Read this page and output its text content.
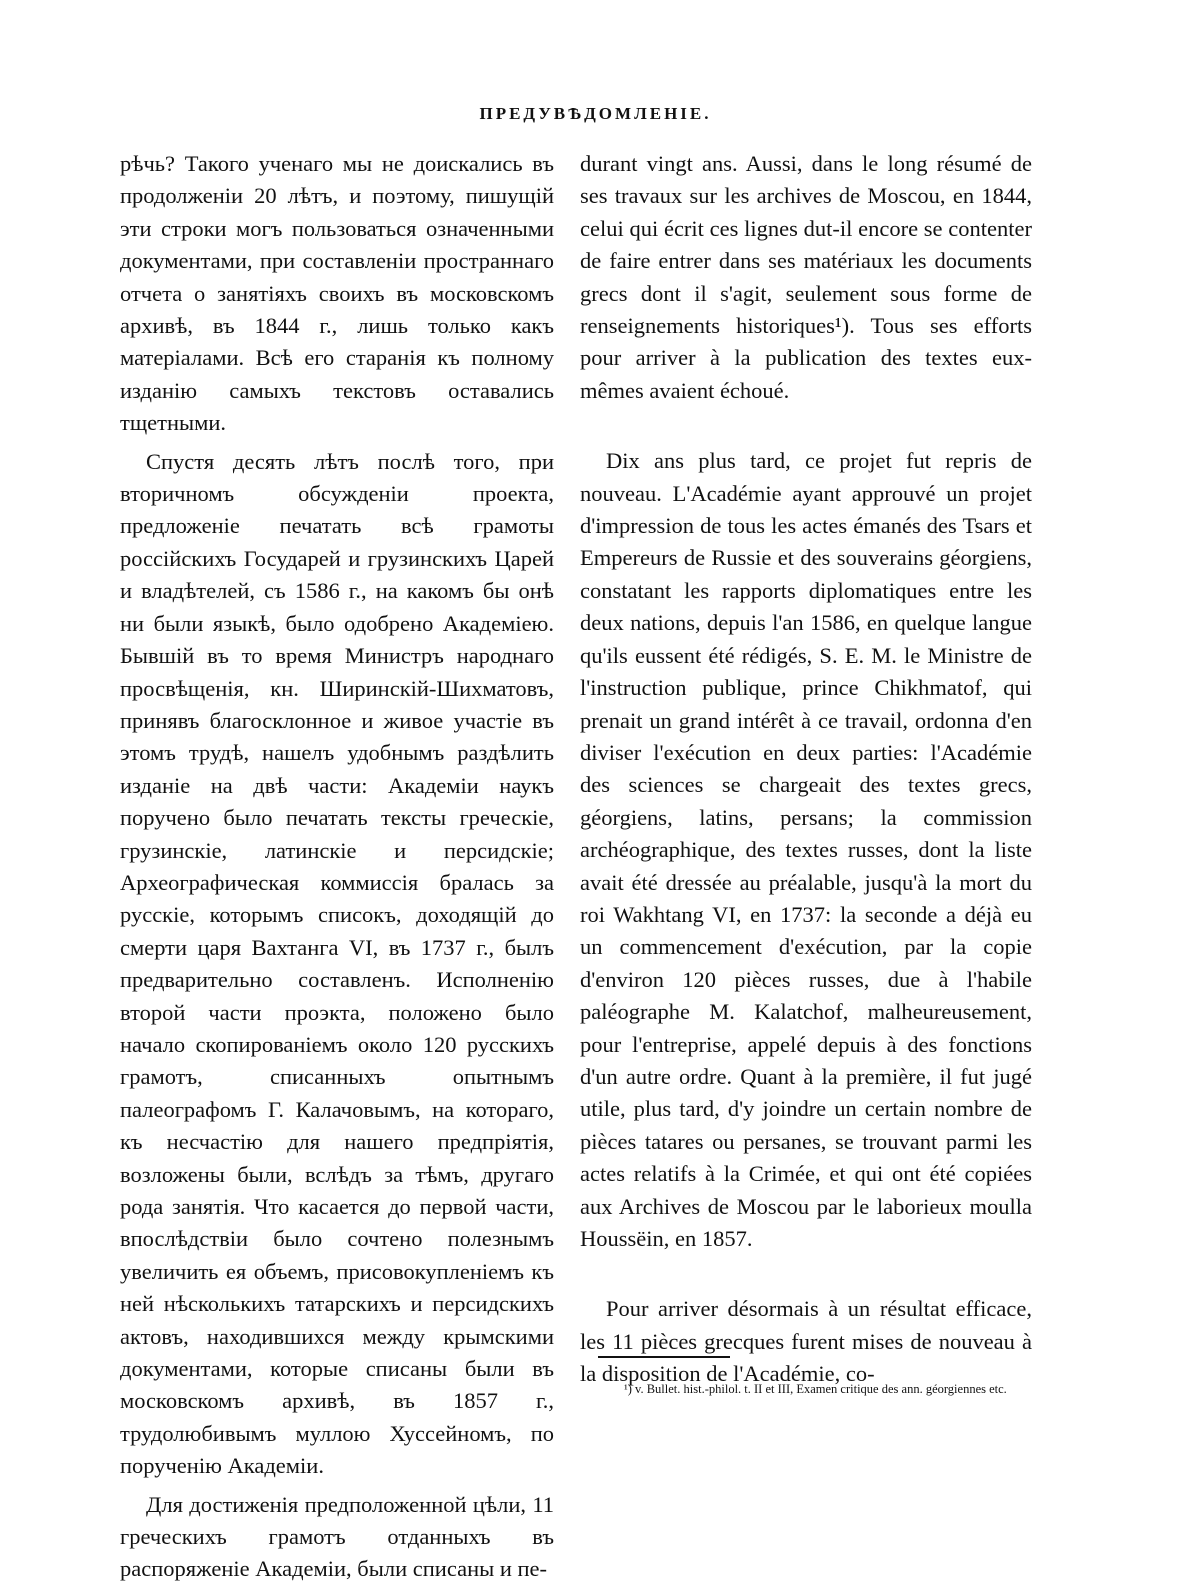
ПРЕДУВѢДОМЛЕНІЕ.

рѣчь? Такого ученаго мы не доискались въ продолженіи 20 лѣтъ, и поэтому, пишущій эти строки могъ пользоваться означенными документами, при составленіи пространнаго отчета о занятіяхъ своихъ въ московскомъ архивѣ, въ 1844 г., лишь только какъ матеріалами. Всѣ его старанія къ полному изданію самыхъ текстовъ оставались тщетными.

Спустя десять лѣтъ послѣ того, при вторичномъ обсужденіи проекта, предложеніе печатать всѣ грамоты россійскихъ Государей и грузинскихъ Царей и владѣтелей, съ 1586 г., на какомъ бы онѣ ни были языкѣ, было одобрено Академіею. Бывшій въ то время Министръ народнаго просвѣщенія, кн. Ширинскій-Шихматовъ, принявъ благосклонное и живое участіе въ этомъ трудѣ, нашелъ удобнымъ раздѣлить изданіе на двѣ части: Академіи наукъ поручено было печатать тексты греческіе, грузинскіе, латинскіе и персидскіе; Археографическая коммиссія бралась за русскіе, которымъ списокъ, доходящій до смерти царя Вахтанга VI, въ 1737 г., былъ предварительно составленъ. Исполненію второй части проэкта, положено было начало скопированіемъ около 120 русскихъ грамотъ, списанныхъ опытнымъ палеографомъ Г. Калачовымъ, на котораго, къ несчастію для нашего предпріятія, возложены были, вслѣдъ за тѣмъ, другаго рода занятія. Что касается до первой части, впослѣдствіи было сочтено полезнымъ увеличить ея объемъ, присовокупленіемъ къ ней нѣсколькихъ татарскихъ и персидскихъ актовъ, находившихся между крымскими документами, которые списаны были въ московскомъ архивѣ, въ 1857 г., трудолюбивымъ муллою Хуссейномъ, по порученію Академіи.

Для достиженія предположенной цѣли, 11 греческихъ грамотъ отданныхъ въ распоряженіе Академіи, были списаны и пе-

durant vingt ans. Aussi, dans le long résumé de ses travaux sur les archives de Moscou, en 1844, celui qui écrit ces lignes dut-il encore se contenter de faire entrer dans ses matériaux les documents grecs dont il s'agit, seulement sous forme de renseignements historiques¹). Tous ses efforts pour arriver à la publication des textes eux-mêmes avaient échoué.

Dix ans plus tard, ce projet fut repris de nouveau. L'Académie ayant approuvé un projet d'impression de tous les actes émanés des Tsars et Empereurs de Russie et des souverains géorgiens, constatant les rapports diplomatiques entre les deux nations, depuis l'an 1586, en quelque langue qu'ils eussent été rédigés, S. E. M. le Ministre de l'instruction publique, prince Chikhmatof, qui prenait un grand intérêt à ce travail, ordonna d'en diviser l'exécution en deux parties: l'Académie des sciences se chargeait des textes grecs, géorgiens, latins, persans; la commission archéographique, des textes russes, dont la liste avait été dressée au préalable, jusqu'à la mort du roi Wakhtang VI, en 1737: la seconde a déjà eu un commencement d'exécution, par la copie d'environ 120 pièces russes, due à l'habile paléographe M. Kalatchof, malheureusement, pour l'entreprise, appelé depuis à des fonctions d'un autre ordre. Quant à la première, il fut jugé utile, plus tard, d'y joindre un certain nombre de pièces tatares ou persanes, se trouvant parmi les actes relatifs à la Crimée, et qui ont été copiées aux Archives de Moscou par le laborieux moulla Houssëin, en 1857.

Pour arriver désormais à un résultat efficace, les 11 pièces grecques furent mises de nouveau à la disposition de l'Académie, co-

¹) v. Bullet. hist.-philol. t. II et III, Examen critique des ann. géorgiennes etc.
